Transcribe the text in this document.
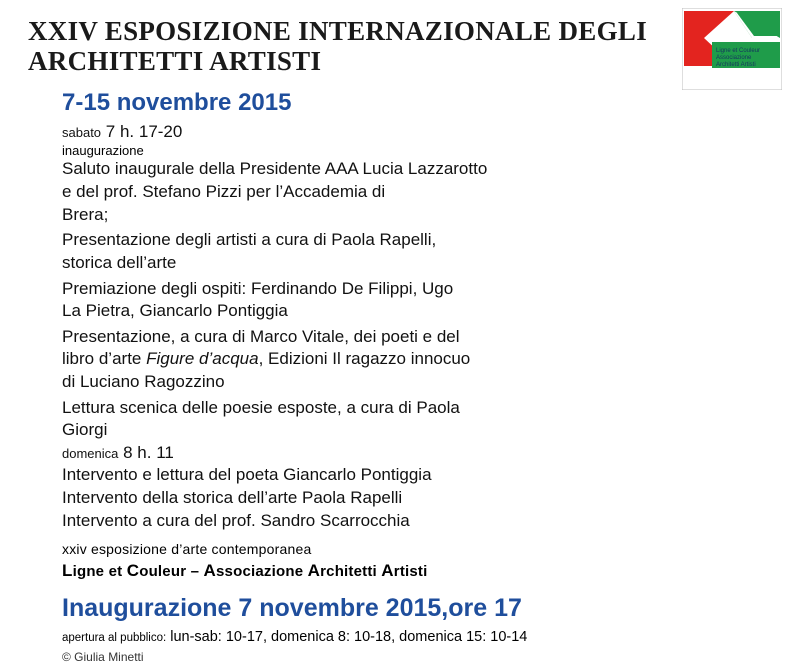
XXIV ESPOSIZIONE INTERNAZIONALE DEGLI ARCHITETTI ARTISTI	Ligne et Couleur
Associazione
Architetti Artisti
7-15 novembre 2015
sabato 7 h. 17-20
inaugurazione
Saluto inaugurale della Presidente AAA Lucia Lazzarotto
e del prof. Stefano Pizzi per l’Accademia di
Brera;
Presentazione degli artisti a cura di Paola Rapelli,
storica dell’arte
Premiazione degli ospiti: Ferdinando De Filippi, Ugo
La Pietra, Giancarlo Pontiggia
Presentazione, a cura di Marco Vitale, dei poeti e del
libro d’arte Figure d’acqua, Edizioni Il ragazzo innocuo
di Luciano Ragozzino
Lettura scenica delle poesie esposte, a cura di Paola
Giorgi
domenica 8 h. 11
Intervento e lettura del poeta Giancarlo Pontiggia
Intervento della storica dell’arte Paola Rapelli
Intervento a cura del prof. Sandro Scarrocchia
xxiv esposizione d’arte contemporanea
Ligne et Couleur – Associazione Architetti Artisti
Inaugurazione 7 novembre 2015,ore 17
apertura al pubblico: lun-sab: 10-17, domenica 8: 10-18, domenica 15: 10-14
© Giulia Minetti
